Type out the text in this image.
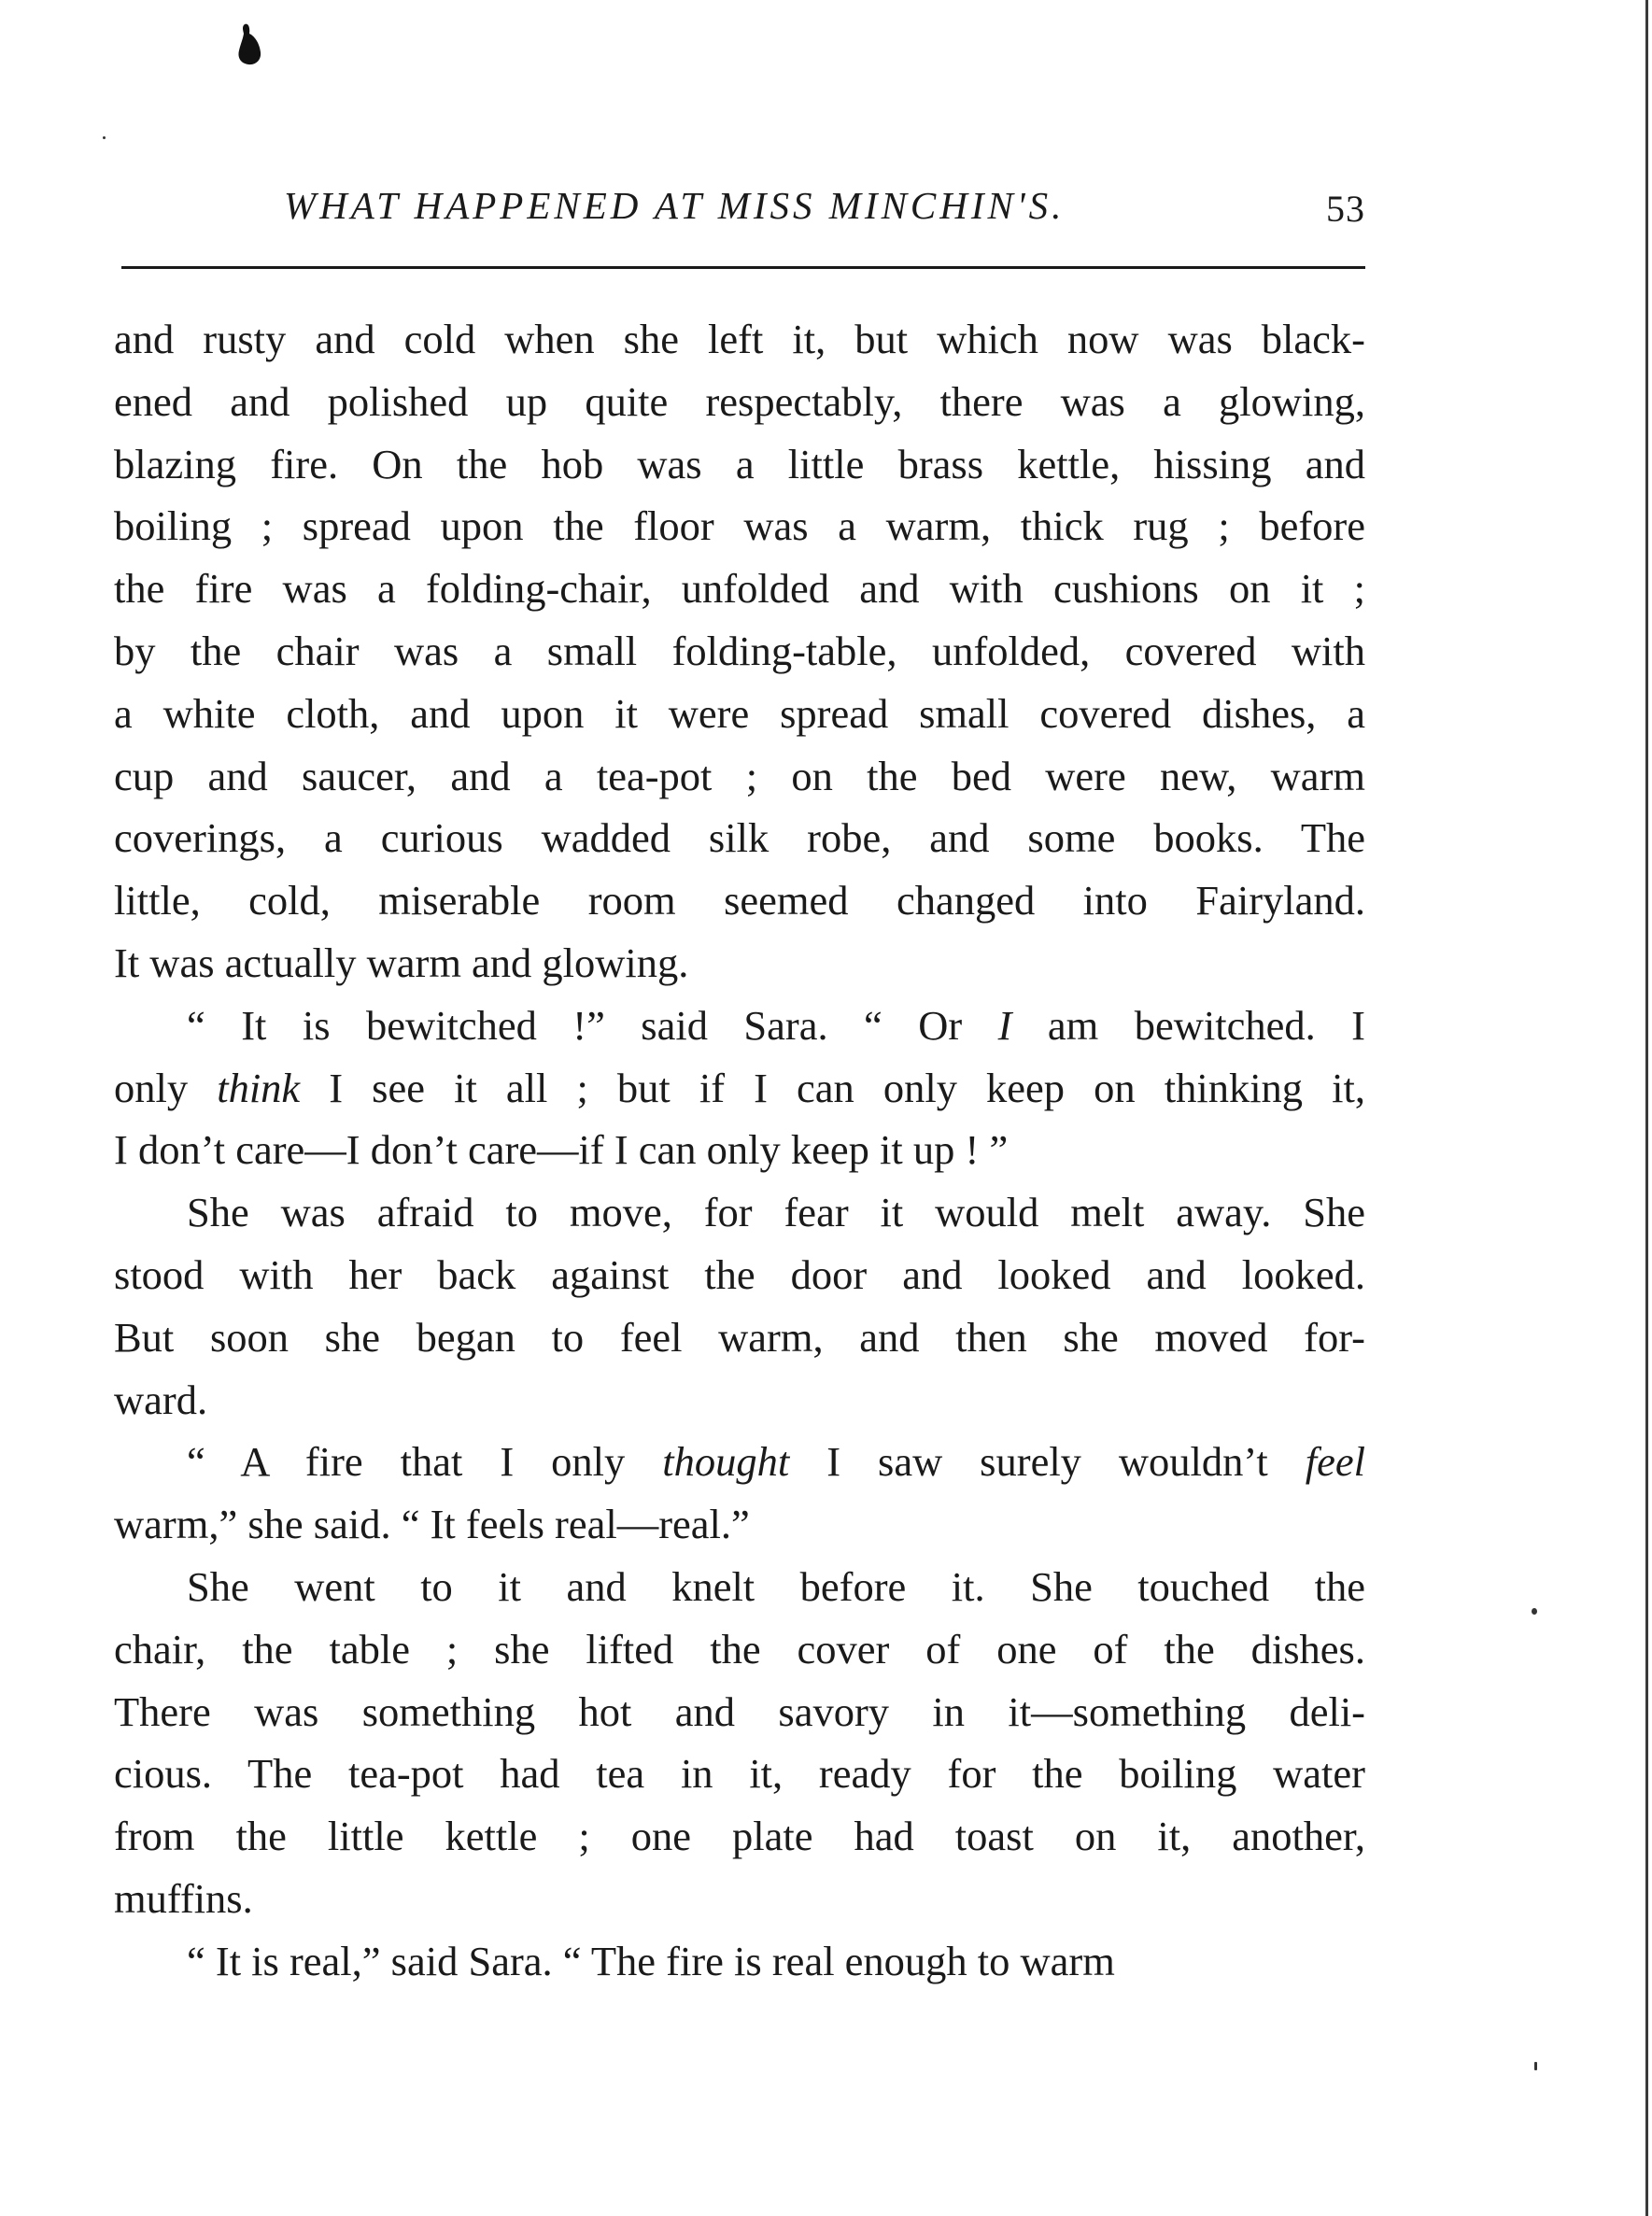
WHAT HAPPENED AT MISS MINCHIN'S.	53
and rusty and cold when she left it, but which now was black-
ened and polished up quite respectably, there was a glowing,
blazing fire. On the hob was a little brass kettle, hissing and
boiling ; spread upon the floor was a warm, thick rug ; before
the fire was a folding-chair, unfolded and with cushions on it ;
by the chair was a small folding-table, unfolded, covered with
a white cloth, and upon it were spread small covered dishes, a
cup and saucer, and a tea-pot ; on the bed were new, warm
coverings, a curious wadded silk robe, and some books. The
little, cold, miserable room seemed changed into Fairyland.
It was actually warm and glowing.
“ It is bewitched !” said Sara. “ Or I am bewitched. I
only think I see it all ; but if I can only keep on thinking it,
I don’t care—I don’t care—if I can only keep it up ! ”
She was afraid to move, for fear it would melt away. She
stood with her back against the door and looked and looked.
But soon she began to feel warm, and then she moved for-
ward.
“ A fire that I only thought I saw surely wouldn’t feel
warm,” she said. “ It feels real—real.”
She went to it and knelt before it. She touched the
chair, the table ; she lifted the cover of one of the dishes.
There was something hot and savory in it—something deli-
cious. The tea-pot had tea in it, ready for the boiling water
from the little kettle ; one plate had toast on it, another,
muffins.
“ It is real,” said Sara. “ The fire is real enough to warm
